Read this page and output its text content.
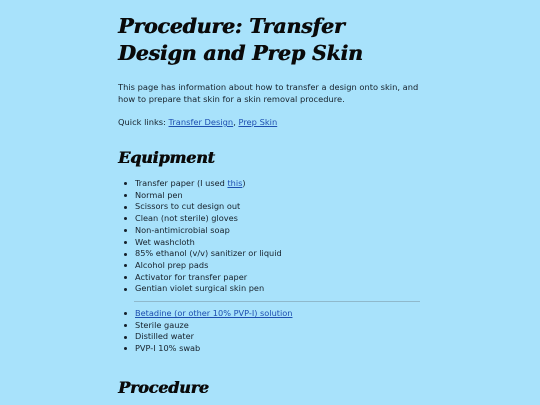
Procedure: Transfer Design and Prep Skin

This page has information about how to transfer a design onto skin, and how to prepare that skin for a skin removal procedure.

Quick links: Transfer Design, Prep Skin

Equipment
Transfer paper (I used this)
Normal pen
Scissors to cut design out
Clean (not sterile) gloves
Non-antimicrobial soap
Wet washcloth
85% ethanol (v/v) sanitizer or liquid
Alcohol prep pads
Activator for transfer paper
Gentian violet surgical skin pen
Betadine (or other 10% PVP-I) solution
Sterile gauze
Distilled water
PVP-I 10% swab
Procedure
